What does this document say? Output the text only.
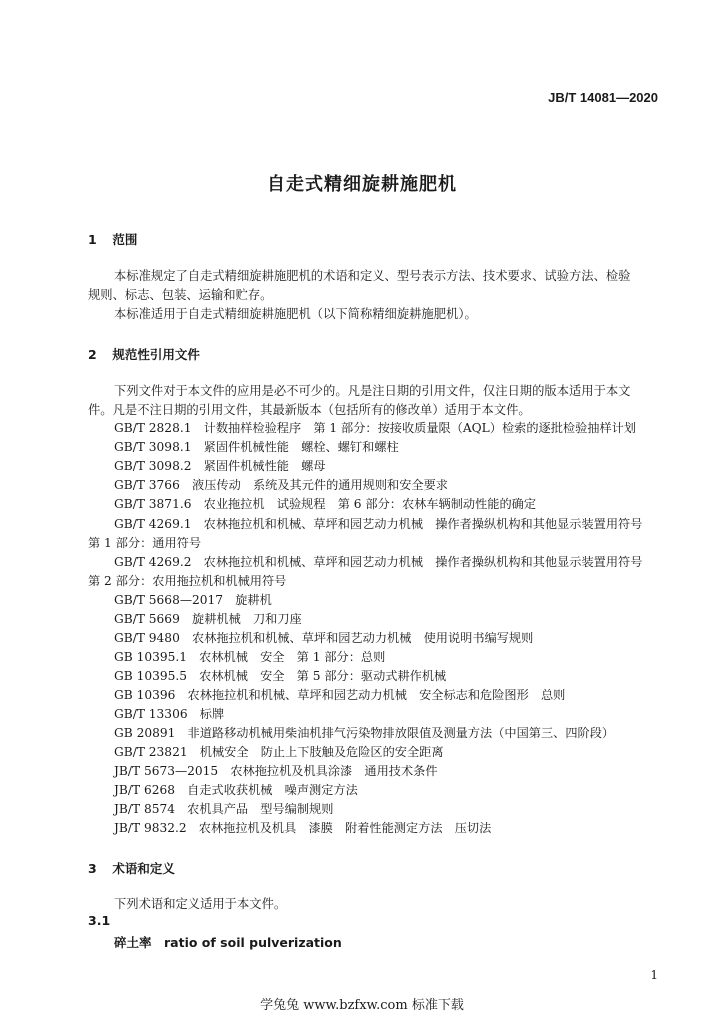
JB/T 14081—2020
自走式精细旋耕施肥机
1 范围
本标准规定了自走式精细旋耕施肥机的术语和定义、型号表示方法、技术要求、试验方法、检验
规则、标志、包装、运输和贮存。
本标准适用于自走式精细旋耕施肥机（以下简称精细旋耕施肥机）。
2 规范性引用文件
下列文件对于本文件的应用是必不可少的。凡是注日期的引用文件，仅注日期的版本适用于本文
件。凡是不注日期的引用文件，其最新版本（包括所有的修改单）适用于本文件。
GB/T 2828.1　计数抽样检验程序　第 1 部分：按接收质量限（AQL）检索的逐批检验抽样计划
GB/T 3098.1　紧固件机械性能　螺栓、螺钉和螺柱
GB/T 3098.2　紧固件机械性能　螺母
GB/T 3766　液压传动　系统及其元件的通用规则和安全要求
GB/T 3871.6　农业拖拉机　试验规程　第 6 部分：农林车辆制动性能的确定
GB/T 4269.1　农林拖拉机和机械、草坪和园艺动力机械　操作者操纵机构和其他显示装置用符号
第 1 部分：通用符号
GB/T 4269.2　农林拖拉机和机械、草坪和园艺动力机械　操作者操纵机构和其他显示装置用符号
第 2 部分：农用拖拉机和机械用符号
GB/T 5668—2017　旋耕机
GB/T 5669　旋耕机械　刀和刀座
GB/T 9480　农林拖拉机和机械、草坪和园艺动力机械　使用说明书编写规则
GB 10395.1　农林机械　安全　第 1 部分：总则
GB 10395.5　农林机械　安全　第 5 部分：驱动式耕作机械
GB 10396　农林拖拉机和机械、草坪和园艺动力机械　安全标志和危险图形　总则
GB/T 13306　标牌
GB 20891　非道路移动机械用柴油机排气污染物排放限值及测量方法（中国第三、四阶段）
GB/T 23821　机械安全　防止上下肢触及危险区的安全距离
JB/T 5673—2015　农林拖拉机及机具涂漆　通用技术条件
JB/T 6268　自走式收获机械　噪声测定方法
JB/T 8574　农机具产品　型号编制规则
JB/T 9832.2　农林拖拉机及机具　漆膜　附着性能测定方法　压切法
3 术语和定义
下列术语和定义适用于本文件。
3.1
碎土率　ratio of soil pulverization
1
学兔兔 www.bzfxw.com 标准下载
